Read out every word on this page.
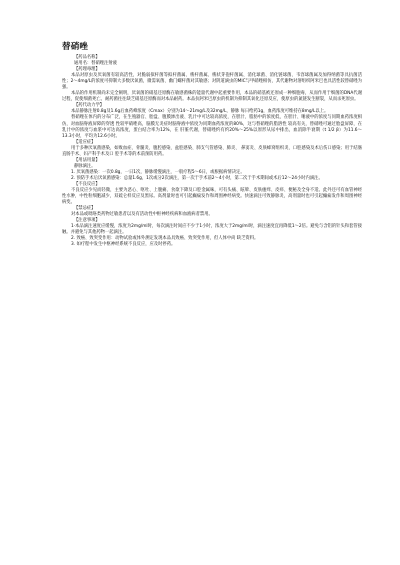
替硝唑
【药品名称】
通用名：替硝唑注射液
【药理毒理】
本品对原虫及厌氧菌有较高活性，对脆弱拟杆菌等拟杆菌属、梭杆菌属、梭状芽孢杆菌属、消化球菌、消化链球菌、韦容球菌属及加得纳菌等具抗菌活性；2～4mg/L的浓度可抑制大多数厌氧菌，微需氧菌、幽门螺杆菌对其敏感；对阴道滴虫的MIC与甲硝唑相仿，其代谢物对溶组织阿米巴也具活性较替硝唑为强。
本品的作用机制尚未完全阐明，厌氧菌的硝基还原酶在敏感菌株的能量代谢中起重要作用，本品的硝基被还原成一种细胞毒，从而作用于细菌的DNA代谢过程，促使细菌死亡。耐药菌往往缺乏硝基还原酶而对本品耐药。本品抗阿米巴原虫的机制为抑制其氧化还原反应，使原虫的氮链发生断裂，从而杀死原虫。
【药代动力学】
本品静脉注射0.8g及1.6g后血药峰浓度（Cmax）分别为14～21mg/L及32mg/L，静脉 每日给药1g，血药浓度可维持在8mg/L以上。
替硝唑在体内的分布广泛，在生殖器官、胎盘、腹膜渗出液、乳汁中可达较高浓度，在胆汁、脂肪中的浓度低，在胆汁、唾液中的浓度与同期血药浓度相仿，对血脑脊液屏障的穿透 性较甲硝唑高，脑膜无炎症时脑脊液中浓度为同期血药浓度的80%，这与替硝唑的脂溶性 较高有关，替硝唑可通过胎盘屏障，在乳汁中的浓度与血浆中可达高浓度，蛋白结合率为12%，在 肝脏代谢，替硝唑约有约20%～25%以原形从尿中排出，血消除半衰期（t 1/2 β）为11.6～ 13.3小时，平均为12.6小时。
【适应症】
用于多种厌氧菌感染，如败血症、骨髓炎、腹腔感染、盆腔感染、肺支气管感染、肺炎、 鼻窦炎、皮肤蜂窝组织炎、口腔感染及术后伤口感染；用于结肠直肠手术、妇产科手术及口 腔手术等的术前预防用药。
【用法用量】
静脉滴注。
1. 厌氧菌感染：一次0.8g，一日1次，静脉缓慢滴注，一般疗程5～6日，或根据病情决定。
2. 预防手术后厌氧菌感染：总量1.6g，1次或分2次滴注，第一次于手术前2～4小时，第二次于手术期间或术后12～24小时内滴注。
【不良反应】
不良反应少见而轻微，主要为恶心、呕吐、上腹痛、食欲下降及口腔金属味，可有头痛、眩晕、皮肤瘙痒、皮疹、便秘及全身不适。此外还可有血管神经性水肿，中性粒细胞减少，双硫仑样反应及黑尿。高剂量时也可引起癫痫发作和周围神经病变。快速滴注可致静脉炎，高剂量时也可引起癫痫发作和周围神经病变。
【禁忌症】
对本品或吡咯类药物过敏患者以及有活动性中枢神经疾病和血液病者禁用。
【注意事项】
1·本品滴注速度应缓慢，浓度为2mg/ml时，每次滴注时间应不少于1小时，浓度大于2mg/ml时，滴注速度宜再降低1～2倍。避免与含铝的针头和套管接触。并避免与其他药物一起滴注。
2. 致癌、致突变作用：动物试验或体外测定发现本品具致癌、致突变作用，但人体中尚 缺乏资料。
3. 如疗程中发生中枢神经系统不良反应，应及时停药。
